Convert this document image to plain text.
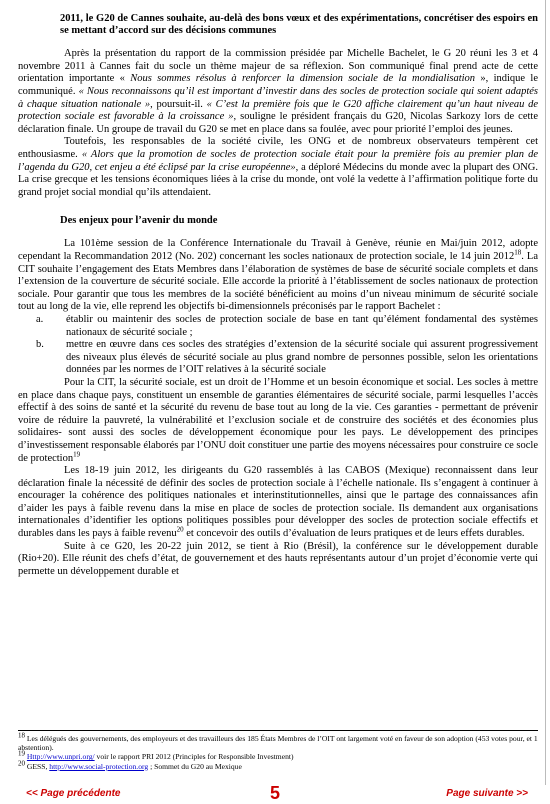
2011, le G20 de Cannes souhaite, au-delà des bons vœux et des expérimentations, concrétiser des espoirs en se mettant d’accord sur des décisions communes

Après la présentation du rapport de la commission présidée par Michelle Bachelet, le G 20 réuni les 3 et 4 novembre 2011 à Cannes fait du socle un thème majeur de sa réflexion. Son communiqué final prend acte de cette orientation importante « Nous sommes résolus à renforcer la dimension sociale de la mondialisation », indique le communiqué. « Nous reconnaissons qu’il est important d’investir dans des socles de protection sociale qui soient adaptés à chaque situation nationale », poursuit-il. « C’est la première fois que le G20 affiche clairement qu’un haut niveau de protection sociale est favorable à la croissance », souligne le président français du G20, Nicolas Sarkozy lors de cette déclaration finale. Un groupe de travail du G20 se met en place dans sa foulée, avec pour priorité l’emploi des jeunes.

Toutefois, les responsables de la société civile, les ONG et de nombreux observateurs tempèrent cet enthousiasme. « Alors que la promotion de socles de protection sociale était pour la première fois au premier plan de l’agenda du G20, cet enjeu a été éclipsé par la crise européenne», a déploré Médecins du monde avec la plupart des ONG. La crise grecque et les tensions économiques liées à la crise du monde, ont volé la vedette à l’affirmation politique forte du grand projet social mondial qu’ils attendaient.

Des enjeux pour l’avenir du monde

La 101ème session de la Conférence Internationale du Travail à Genève, réunie en Mai/juin 2012, adopte cependant la Recommandation 2012 (No. 202) concernant les socles nationaux de protection sociale, le 14 juin 2012$^{18}$. La CIT souhaite l’engagement des Etats Membres dans l’élaboration de systèmes de base de sécurité sociale complets et dans l’extension de la couverture de sécurité sociale. Elle accorde la priorité à l’établissement de socles nationaux de protection sociale. Pour garantir que tous les membres de la société bénéficient au moins d’un niveau minimum de sécurité sociale tout au long de la vie, elle reprend les objectifs bi-dimensionnels préconisés par le rapport Bachelet :

a.	établir ou maintenir des socles de protection sociale de base en tant qu’élément fondamental des systèmes nationaux de sécurité sociale ;
b.	mettre en œuvre dans ces socles des stratégies d’extension de la sécurité sociale qui assurent progressivement des niveaux plus élevés de sécurité sociale au plus grand nombre de personnes possible, selon les orientations données par les normes de l’OIT relatives à la sécurité sociale

Pour la CIT, la sécurité sociale, est un droit de l’Homme et un besoin économique et social. Les socles à mettre en place dans chaque pays, constituent un ensemble de garanties élémentaires de sécurité sociale, parmi lesquelles l’accès effectif à des soins de santé et la sécurité du revenu de base tout au long de la vie. Ces garanties - permettant de prévenir voire de réduire la pauvreté, la vulnérabilité et l’exclusion sociale et de construire des sociétés et des économies plus solidaires- sont aussi des socles de développement économique pour les pays. Le développement des principes d’investissement responsable élaborés par l’ONU doit constituer une partie des moyens nécessaires pour construire ce socle de protection$^{19}$

Les 18-19 juin 2012, les dirigeants du G20 rassemblés à las CABOS (Mexique) reconnaissent dans leur déclaration finale la nécessité de définir des socles de protection sociale à l’échelle nationale. Ils s’engagent à continuer à encourager la cohérence des politiques nationales et interinstitutionnelles, ainsi que le partage des connaissances afin d’aider les pays à faible revenu dans la mise en place de socles de protection sociale. Ils demandent aux organisations internationales d’identifier les options politiques possibles pour développer des socles de protection sociale effectifs et durables dans les pays à faible revenu$^{20}$ et concevoir des outils d’évaluation de leurs pratiques et de leurs effets durables.

Suite à ce G20, les 20-22 juin 2012, se tient à Rio (Brésil), la conférence sur le développement durable (Rio+20). Elle réunit des chefs d’état, de gouvernement et des hauts représentants autour d’un projet d’économie verte qui permette un développement durable et

$^{18}$ Les délégués des gouvernements, des employeurs et des travailleurs des 185 États Membres de l’OIT ont largement voté en faveur de son adoption (453 votes pour, et 1 abstention).
$^{19}$ Http://www.unpri.org/ voir le rapport PRI 2012 (Principles for Responsible Investment)
$^{20}$ GESS, http://www.social-protection.org ; Sommet du G20 au Mexique
<< Page précédente	5	Page suivante >>
